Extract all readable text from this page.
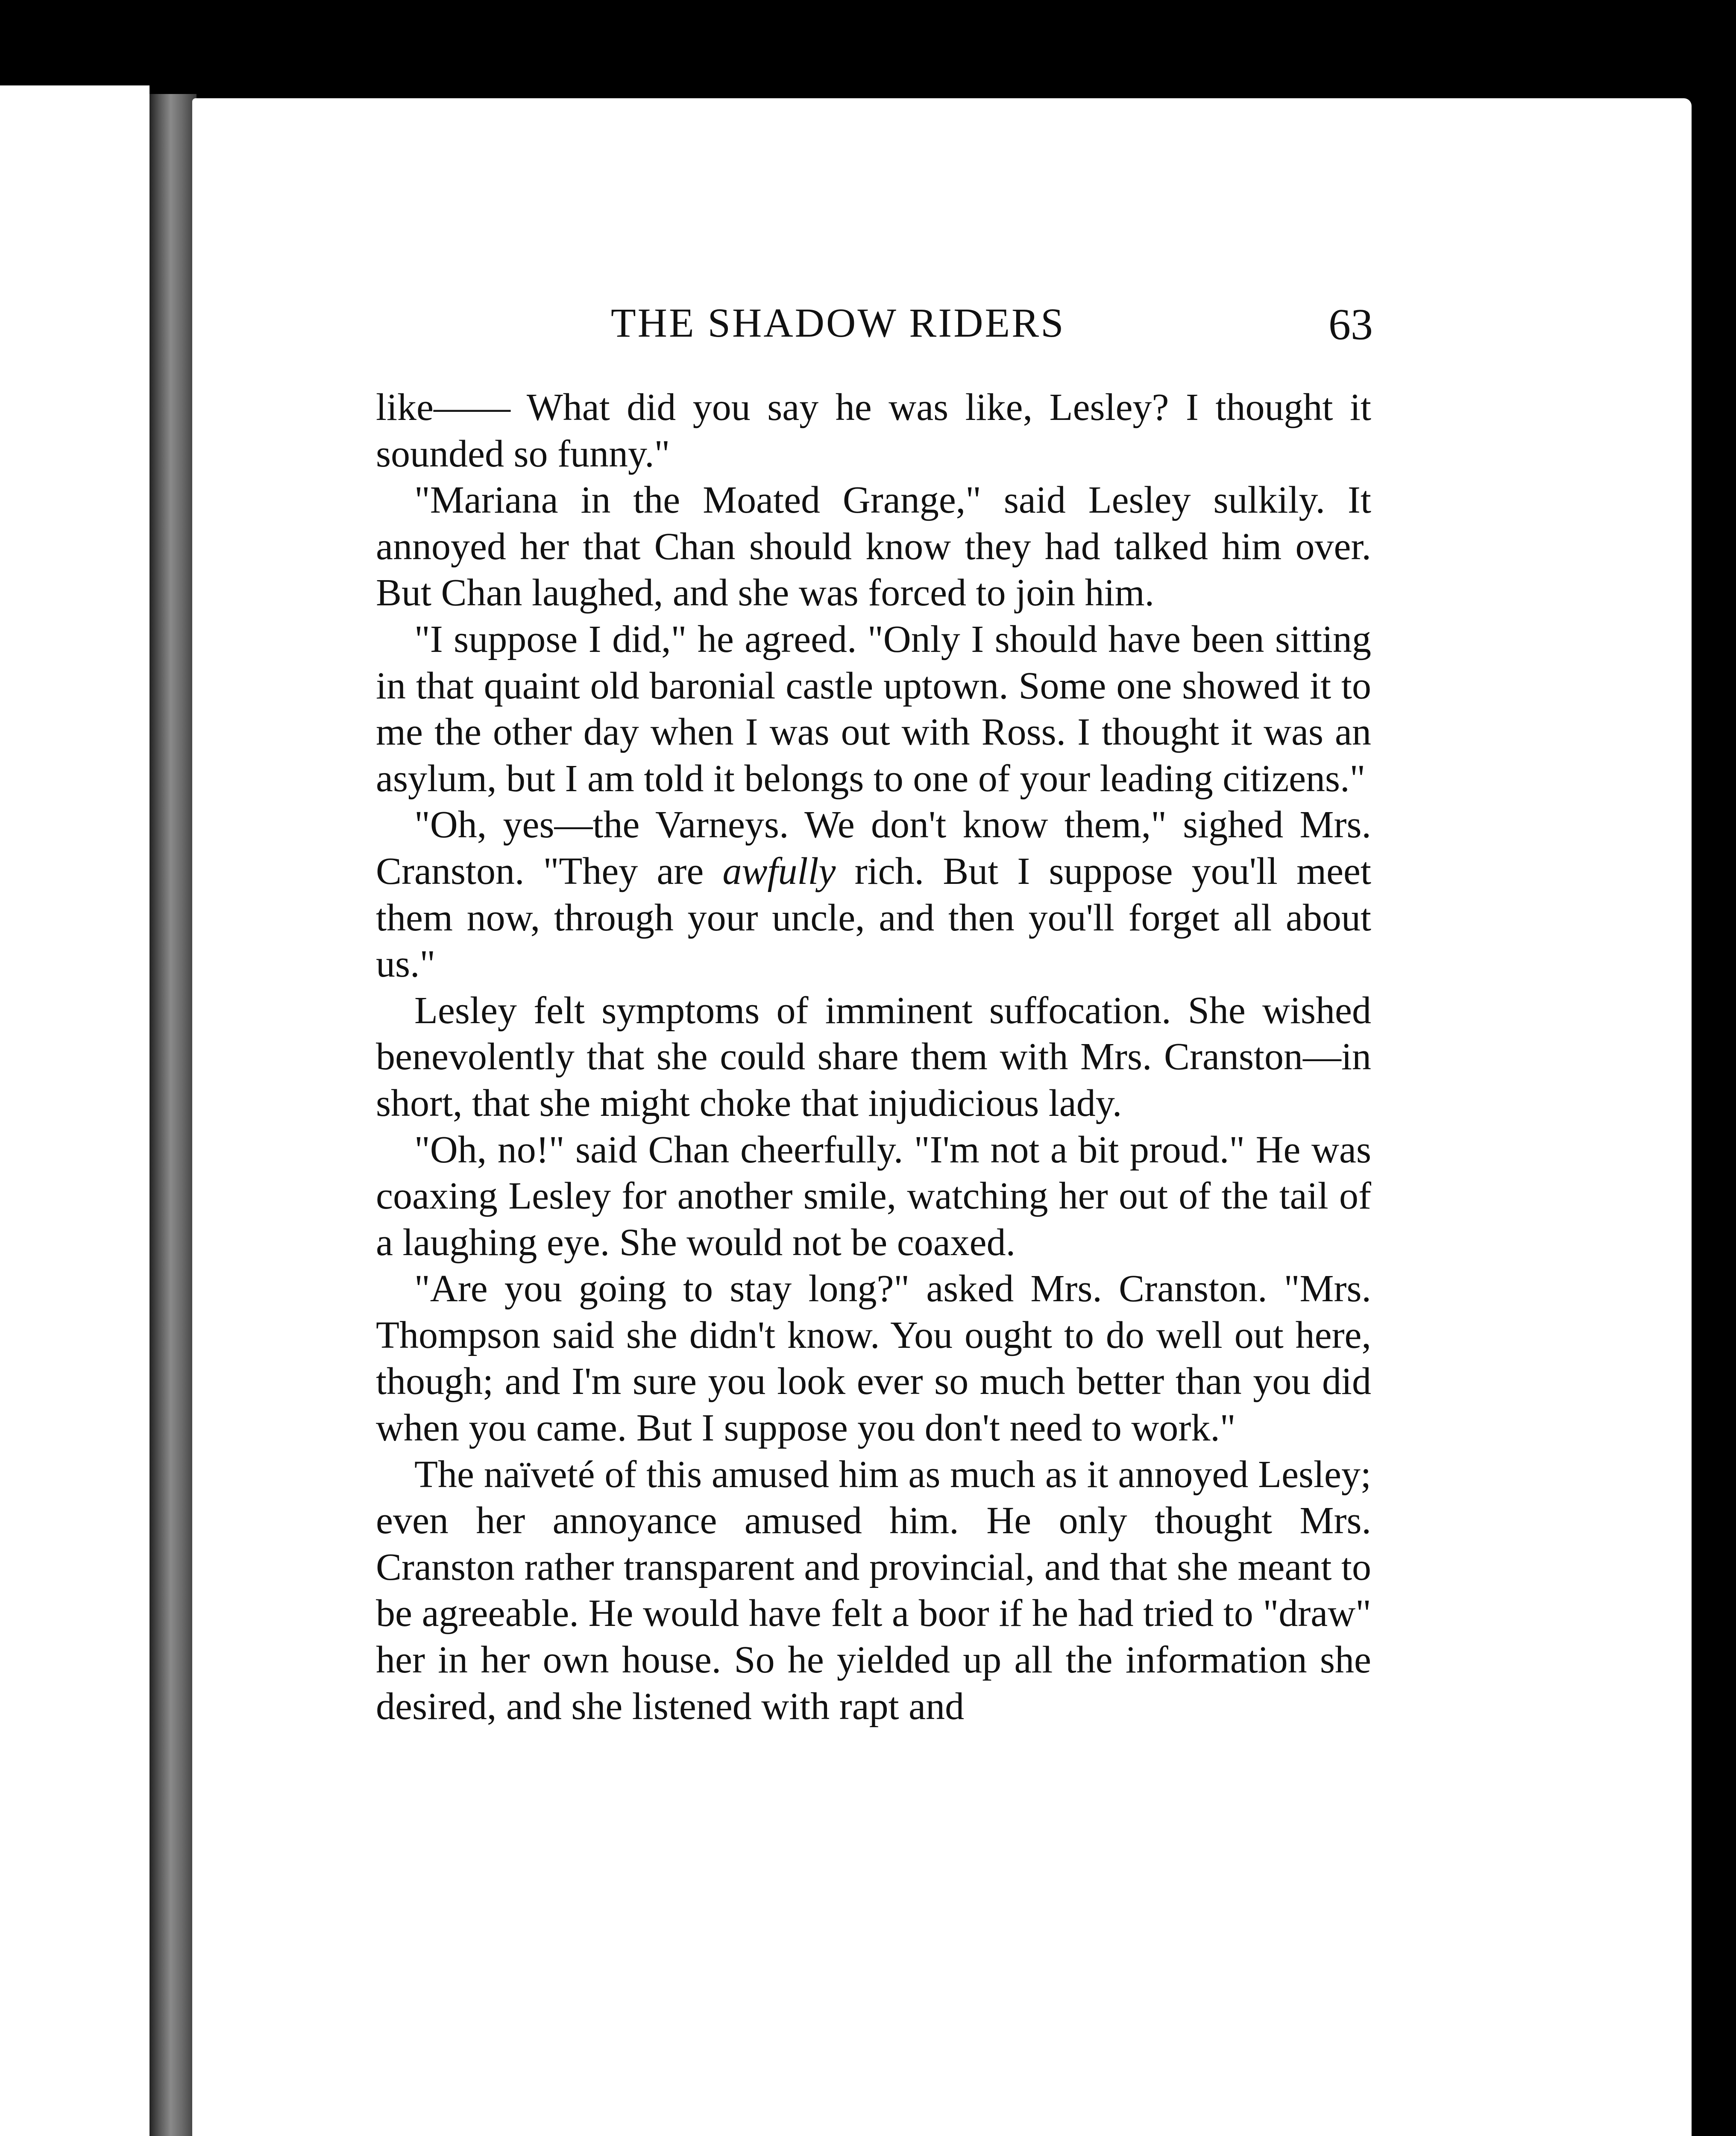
THE SHADOW RIDERS	63

like—— What did you say he was like, Lesley? I thought it sounded so funny."

"Mariana in the Moated Grange," said Lesley sulkily. It annoyed her that Chan should know they had talked him over. But Chan laughed, and she was forced to join him.

"I suppose I did," he agreed. "Only I should have been sitting in that quaint old baronial castle uptown. Some one showed it to me the other day when I was out with Ross. I thought it was an asylum, but I am told it belongs to one of your leading citizens."

"Oh, yes—the Varneys. We don't know them," sighed Mrs. Cranston. "They are awfully rich. But I suppose you'll meet them now, through your uncle, and then you'll forget all about us."

Lesley felt symptoms of imminent suffocation. She wished benevolently that she could share them with Mrs. Cranston—in short, that she might choke that injudicious lady.

"Oh, no!" said Chan cheerfully. "I'm not a bit proud." He was coaxing Lesley for another smile, watching her out of the tail of a laughing eye. She would not be coaxed.

"Are you going to stay long?" asked Mrs. Cranston. "Mrs. Thompson said she didn't know. You ought to do well out here, though; and I'm sure you look ever so much better than you did when you came. But I suppose you don't need to work."

The naïveté of this amused him as much as it annoyed Lesley; even her annoyance amused him. He only thought Mrs. Cranston rather transparent and provincial, and that she meant to be agreeable. He would have felt a boor if he had tried to "draw" her in her own house. So he yielded up all the information she desired, and she listened with rapt and
